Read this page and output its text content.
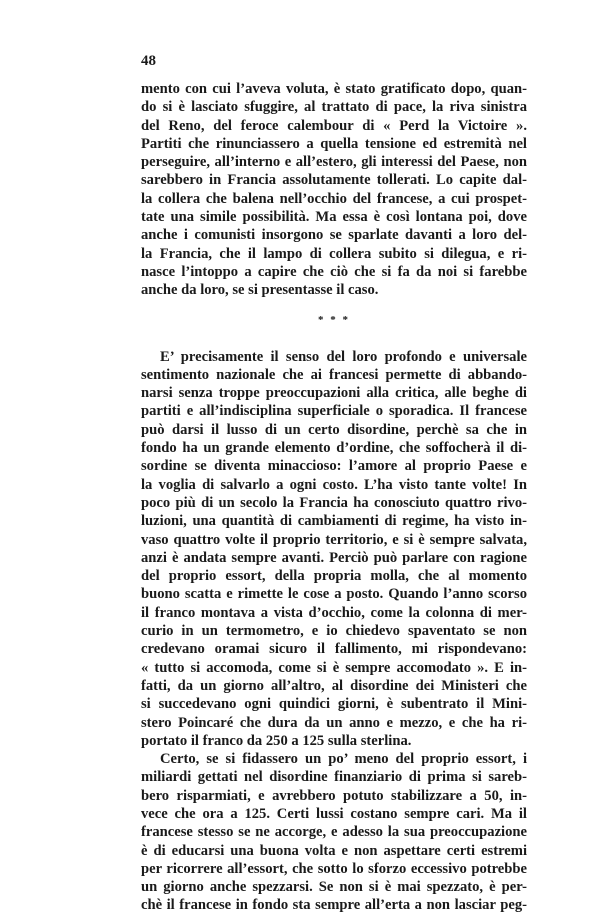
48
mento con cui l’aveva voluta, è stato gratificato dopo, quan-
do si è lasciato sfuggire, al trattato di pace, la riva sinistra
del Reno, del feroce calembour di « Perd la Victoire ».
Partiti che rinunciassero a quella tensione ed estremità nel
perseguire, all’interno e all’estero, gli interessi del Paese, non
sarebbero in Francia assolutamente tollerati. Lo capite dal-
la collera che balena nell’occhio del francese, a cui prospet-
tate una simile possibilità. Ma essa è così lontana poi, dove
anche i comunisti insorgono se sparlate davanti a loro del-
la Francia, che il lampo di collera subito si dilegua, e ri-
nasce l’intoppo a capire che ciò che si fa da noi si farebbe
anche da loro, se si presentasse il caso.
* * *
E’ precisamente il senso del loro profondo e universale
sentimento nazionale che ai francesi permette di abbando-
narsi senza troppe preoccupazioni alla critica, alle beghe di
partiti e all’indisciplina superficiale o sporadica. Il francese
può darsi il lusso di un certo disordine, perchè sa che in
fondo ha un grande elemento d’ordine, che soffocherà il di-
sordine se diventa minaccioso: l’amore al proprio Paese e
la voglia di salvarlo a ogni costo. L’ha visto tante volte! In
poco più di un secolo la Francia ha conosciuto quattro rivo-
luzioni, una quantità di cambiamenti di regime, ha visto in-
vaso quattro volte il proprio territorio, e si è sempre salvata,
anzi è andata sempre avanti. Perciò può parlare con ragione
del proprio essort, della propria molla, che al momento
buono scatta e rimette le cose a posto. Quando l’anno scorso
il franco montava a vista d’occhio, come la colonna di mer-
curio in un termometro, e io chiedevo spaventato se non
credevano oramai sicuro il fallimento, mi rispondevano:
« tutto si accomoda, come si è sempre accomodato ». E in-
fatti, da un giorno all’altro, al disordine dei Ministeri che
si succedevano ogni quindici giorni, è subentrato il Mini-
stero Poincaré che dura da un anno e mezzo, e che ha ri-
portato il franco da 250 a 125 sulla sterlina.
Certo, se si fidassero un po’ meno del proprio essort, i
miliardi gettati nel disordine finanziario di prima si sareb-
bero risparmiati, e avrebbero potuto stabilizzare a 50, in-
vece che ora a 125. Certi lussi costano sempre cari. Ma il
francese stesso se ne accorge, e adesso la sua preoccupazione
è di educarsi una buona volta e non aspettare certi estremi
per ricorrere all’essort, che sotto lo sforzo eccessivo potrebbe
un giorno anche spezzarsi. Se non si è mai spezzato, è per-
chè il francese in fondo sta sempre all’erta a non lasciar peg-
